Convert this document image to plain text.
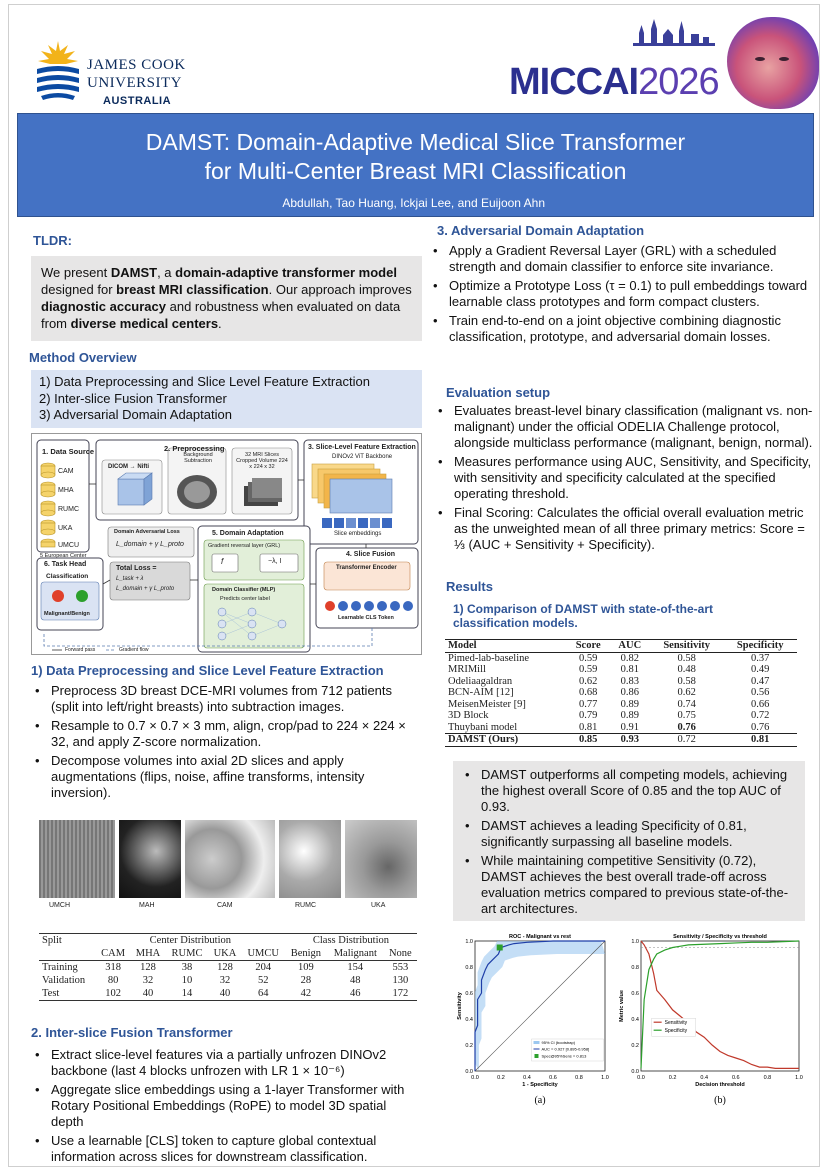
JAMES COOK
UNIVERSITY
AUSTRALIA	MICCAI2026
DAMST: Domain-Adaptive Medical Slice Transformer
for Multi-Center Breast MRI Classification
Abdullah, Tao Huang, Ickjai Lee, and Euijoon Ahn
TLDR:
We present DAMST, a domain-adaptive transformer model designed for breast MRI classification. Our approach improves diagnostic accuracy and robustness when evaluated on data from diverse medical centers.
Method Overview
1) Data Preprocessing and Slice Level Feature Extraction
2) Inter-slice Fusion Transformer
3) Adversarial Domain Adaptation
1. Data Source
CAM
MHA
RUMC
UKA
UMCU
5 European Center
2. Preprocessing
DICOM → Nifti
Background Subtraction
32 MRI Slices Cropped Volume 224 x 224 x 32
3. Slice-Level Feature Extraction
DINOv2 ViT Backbone
Slice embeddings
Domain Adversarial Loss
L_domain + γ L_proto
5. Domain Adaptation
Gradient reversal layer (GRL)
f	−λ, I
Total Loss =
L_task + λ
L_domain + γ L_proto	Domain Classifier (MLP)
Predicts center label
4. Slice Fusion
Transformer Encoder
Learnable CLS Token
6. Task Head
Classification
Malignant/Benign
Forward pass	Gradient flow
1) Data Preprocessing and Slice Level Feature Extraction
• Preprocess 3D breast DCE-MRI volumes from 712 patients (split into left/right breasts) into subtraction images.
• Resample to 0.7 × 0.7 × 3 mm, align, crop/pad to 224 × 224 × 32, and apply Z-score normalization.
• Decompose volumes into axial 2D slices and apply augmentations (flips, noise, affine transforms, intensity inversion).
UMCH	MAH	CAM	RUMC	UKA
Split	Center Distribution					Class Distribution		
	CAM	MHA	RUMC	UKA	UMCU	Benign	Malignant	None
Training	318	128	38	128	204	109	154	553
Validation	80	32	10	32	52	28	48	130
Test	102	40	14	40	64	42	46	172
2. Inter-slice Fusion Transformer
• Extract slice-level features via a partially unfrozen DINOv2 backbone (last 4 blocks unfrozen with LR 1 × 10⁻⁶)
• Aggregate slice embeddings using a 1-layer Transformer with Rotary Positional Embeddings (RoPE) to model 3D spatial depth
• Use a learnable [CLS] token to capture global contextual information across slices for downstream classification.
3. Adversarial Domain Adaptation
• Apply a Gradient Reversal Layer (GRL) with a scheduled strength and domain classifier to enforce site invariance.
• Optimize a Prototype Loss (τ = 0.1) to pull embeddings toward learnable class prototypes and form compact clusters.
• Train end-to-end on a joint objective combining diagnostic classification, prototype, and adversarial domain losses.
Evaluation setup
• Evaluates breast-level binary classification (malignant vs. non-malignant) under the official ODELIA Challenge protocol, alongside multiclass performance (malignant, benign, normal).
• Measures performance using AUC, Sensitivity, and Specificity, with sensitivity and specificity calculated at the specified operating threshold.
• Final Scoring: Calculates the official overall evaluation metric as the unweighted mean of all three primary metrics: Score = ⅓ (AUC + Sensitivity + Specificity).
Results
1) Comparison of DAMST with state-of-the-art classification models.
Model	Score	AUC	Sensitivity	Specificity
Pimed-lab-baseline	0.59	0.82	0.58	0.37
MRIMill	0.59	0.81	0.48	0.49
Odeliaagaldran	0.62	0.83	0.58	0.47
BCN-AIM [12]	0.68	0.86	0.62	0.56
MeisenMeister [9]	0.77	0.89	0.74	0.66
3D Block	0.79	0.89	0.75	0.72
Thuybani model	0.81	0.91	0.76	0.76
DAMST (Ours)	0.85	0.93	0.72	0.81
• DAMST outperforms all competing models, achieving the highest overall Score of 0.85 and the top AUC of 0.93.
• DAMST achieves a leading Specificity of 0.81, significantly surpassing all baseline models.
• While maintaining competitive Sensitivity (0.72), DAMST achieves the best overall trade-off across evaluation metrics compared to previous state-of-the-art architectures.
0.0	0.2	0.4	0.6	0.8	1.0
0.0
0.2
0.4
0.6
0.8
1.0
ROC - Malignant vs rest
1 - Specificity
Sensitivity
(a)
95% CI (bootstrap)
AUC = 0.927 [0.895-0.958]
Spec@95%Sens = 0.813
0.0	0.2	0.4	0.6	0.8	1.0
0.0
0.2
0.4
0.6
0.8
1.0
Sensitivity / Specificity vs threshold
Decision threshold
Metric value
(b)
Sensitivity
Specificity
